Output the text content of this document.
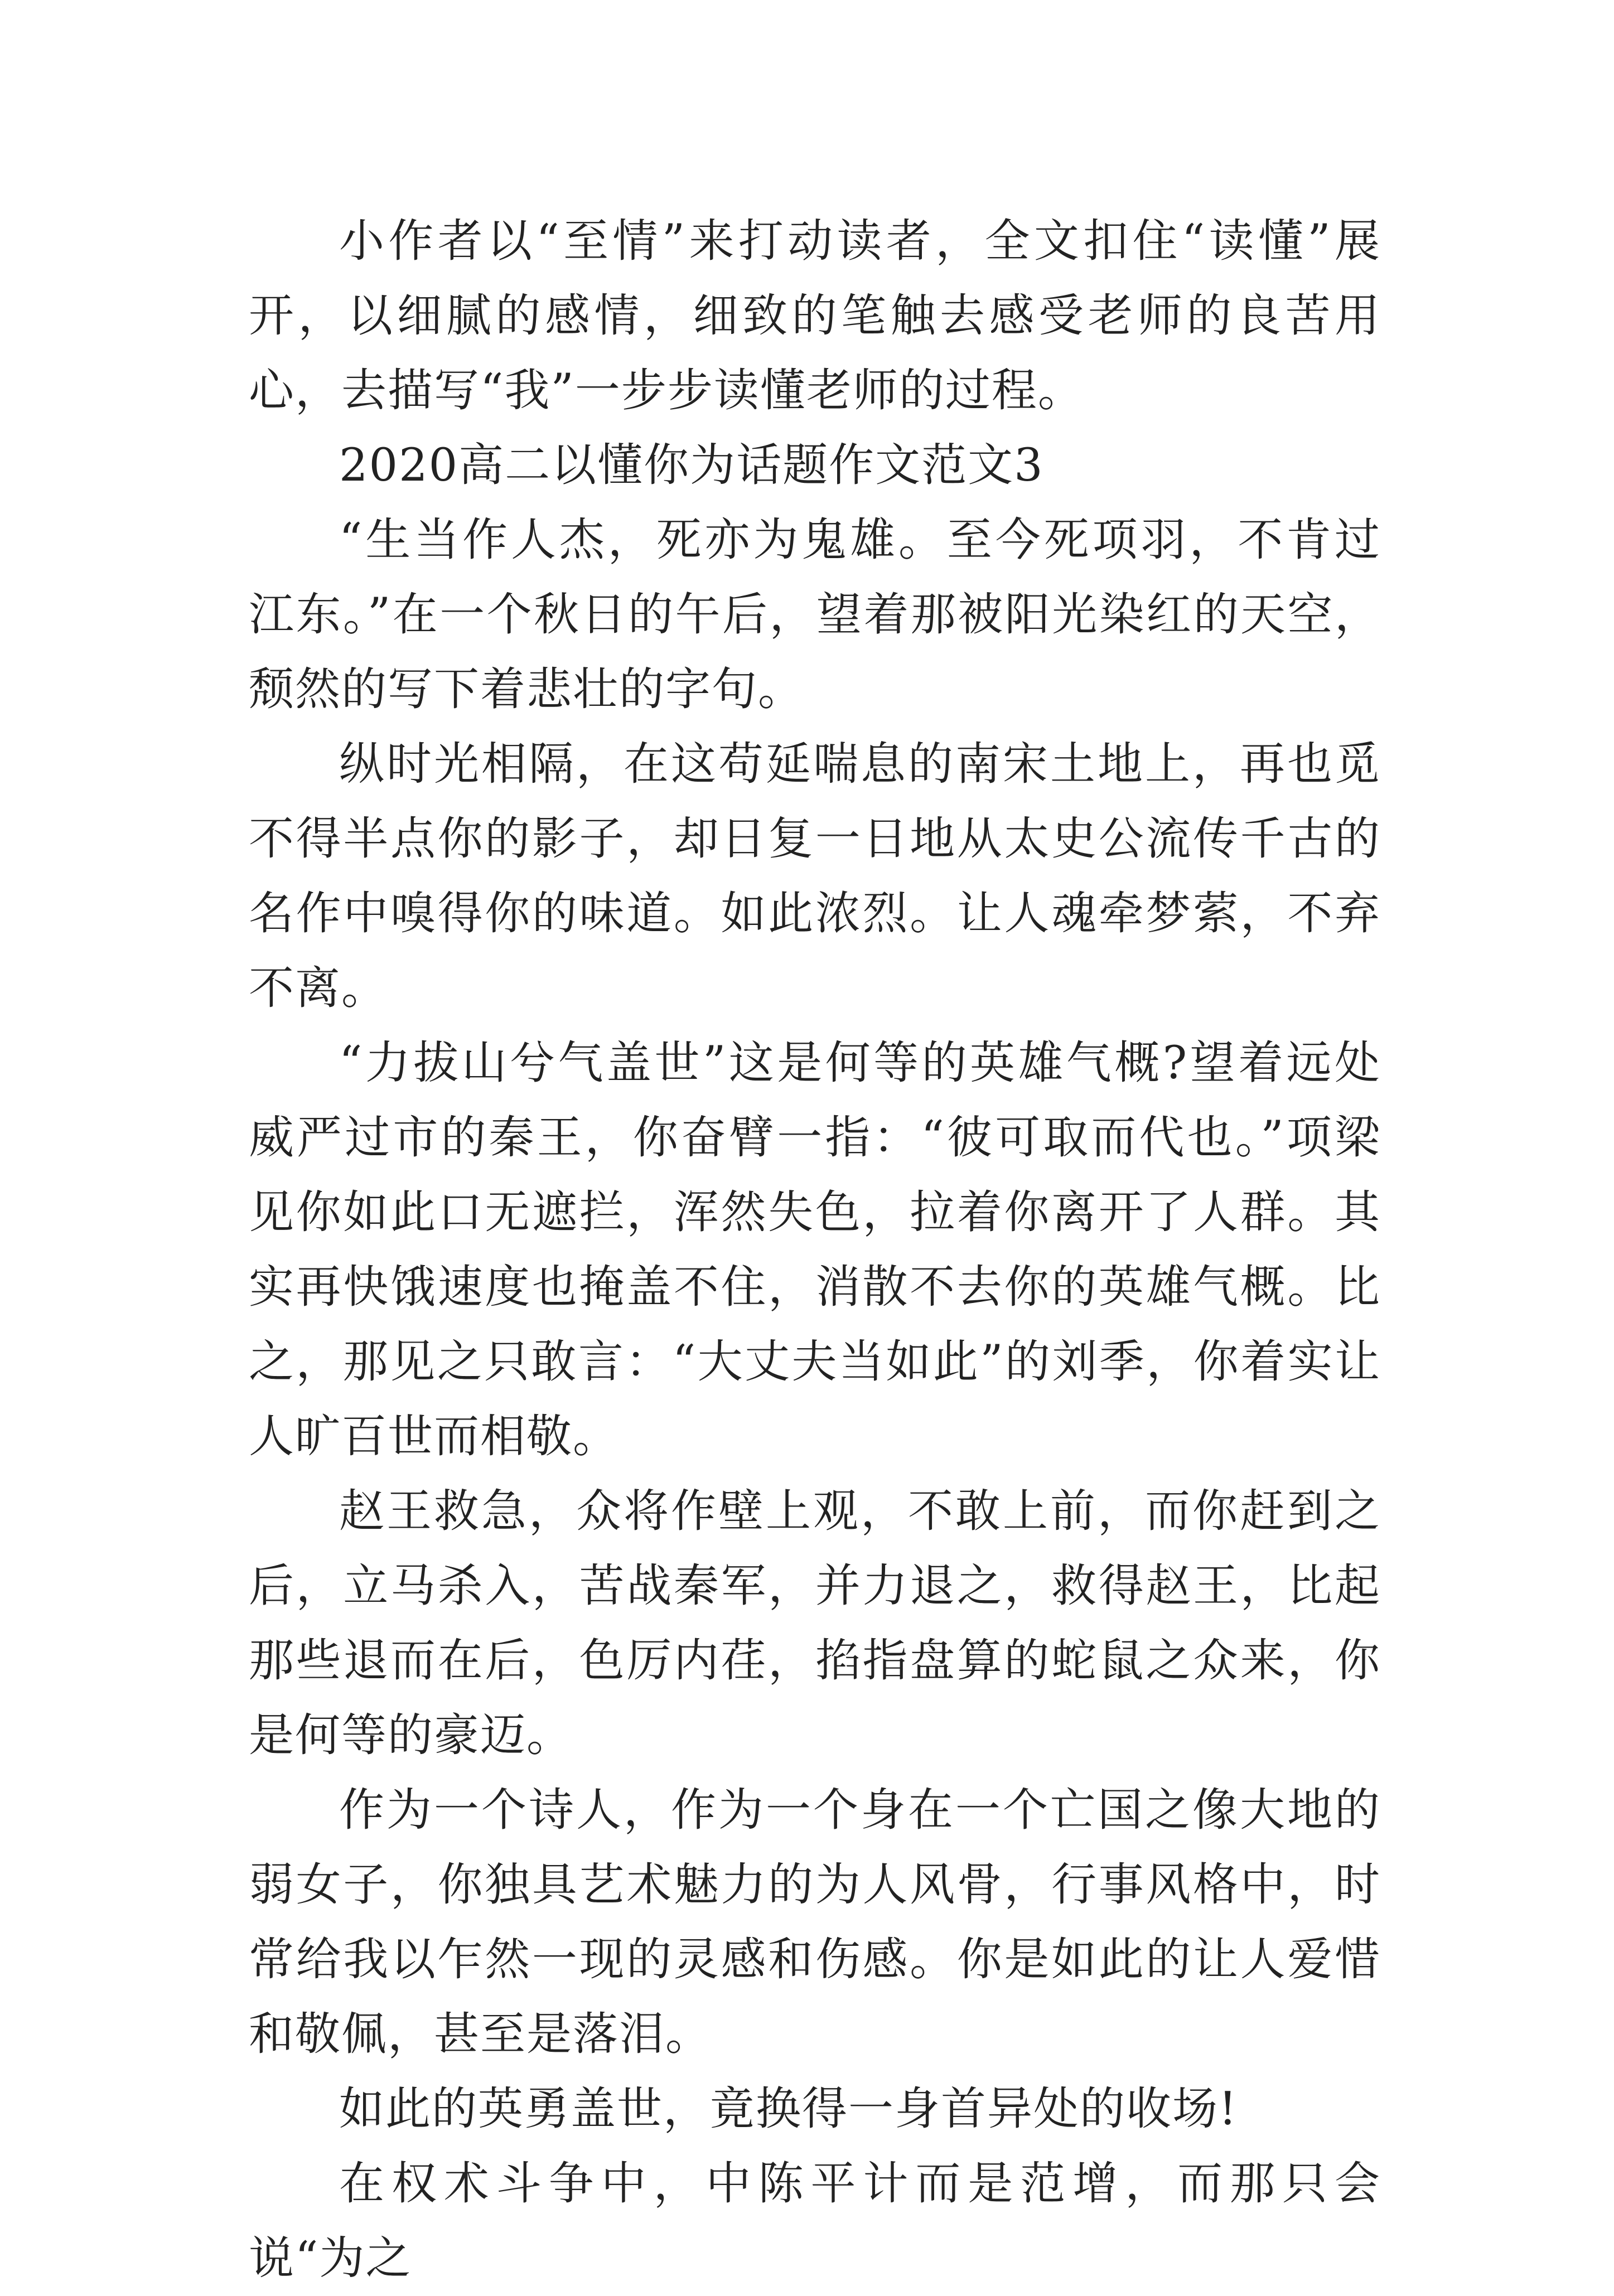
小作者以“至情”来打动读者，全文扣住“读懂”展开，以细腻的感情，细致的笔触去感受老师的良苦用心，去描写“我”一步步读懂老师的过程。

2020高二以懂你为话题作文范文3

“生当作人杰，死亦为鬼雄。至今死项羽，不肯过江东。”在一个秋日的午后，望着那被阳光染红的天空，颓然的写下着悲壮的字句。

纵时光相隔，在这苟延喘息的南宋土地上，再也觅不得半点你的影子，却日复一日地从太史公流传千古的名作中嗅得你的味道。如此浓烈。让人魂牵梦萦，不弃不离。

“力拔山兮气盖世”这是何等的英雄气概?望着远处威严过市的秦王，你奋臂一指：“彼可取而代也。”项梁见你如此口无遮拦，浑然失色，拉着你离开了人群。其实再快饿速度也掩盖不住，消散不去你的英雄气概。比之，那见之只敢言：“大丈夫当如此”的刘季，你着实让人旷百世而相敬。

赵王救急，众将作壁上观，不敢上前，而你赶到之后，立马杀入，苦战秦军，并力退之，救得赵王，比起那些退而在后，色厉内荏，掐指盘算的蛇鼠之众来，你是何等的豪迈。

作为一个诗人，作为一个身在一个亡国之像大地的弱女子，你独具艺术魅力的为人风骨，行事风格中，时常给我以乍然一现的灵感和伤感。你是如此的让人爱惜和敬佩，甚至是落泪。

如此的英勇盖世，竟换得一身首异处的收场!

在权术斗争中，中陈平计而是范增，而那只会说“为之
